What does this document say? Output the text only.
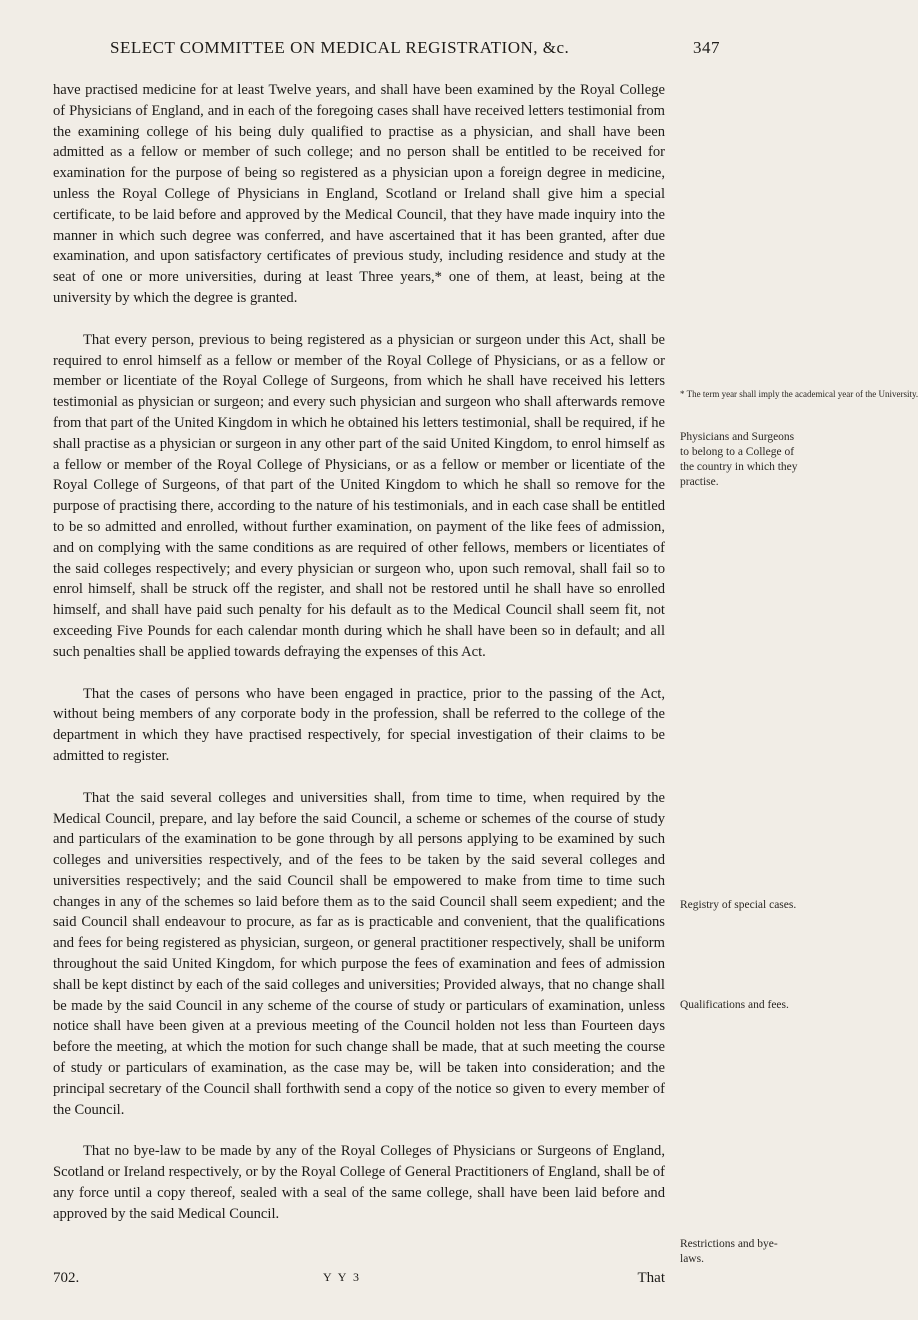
SELECT COMMITTEE ON MEDICAL REGISTRATION, &c.	347

have practised medicine for at least Twelve years, and shall have been examined by the Royal College of Physicians of England, and in each of the foregoing cases shall have received letters testimonial from the examining college of his being duly qualified to practise as a physician, and shall have been admitted as a fellow or member of such college; and no person shall be entitled to be received for examination for the purpose of being so registered as a physician upon a foreign degree in medicine, unless the Royal College of Physicians in England, Scotland or Ireland shall give him a special certificate, to be laid before and approved by the Medical Council, that they have made inquiry into the manner in which such degree was conferred, and have ascertained that it has been granted, after due examination, and upon satisfactory certificates of previous study, including residence and study at the seat of one or more universities, during at least Three years,* one of them, at least, being at the university by which the degree is granted.

That every person, previous to being registered as a physician or surgeon under this Act, shall be required to enrol himself as a fellow or member of the Royal College of Physicians, or as a fellow or member or licentiate of the Royal College of Surgeons, from which he shall have received his letters testimonial as physician or surgeon; and every such physician and surgeon who shall afterwards remove from that part of the United Kingdom in which he obtained his letters testimonial, shall be required, if he shall practise as a physician or surgeon in any other part of the said United Kingdom, to enrol himself as a fellow or member of the Royal College of Physicians, or as a fellow or member or licentiate of the Royal College of Surgeons, of that part of the United Kingdom to which he shall so remove for the purpose of practising there, according to the nature of his testimonials, and in each case shall be entitled to be so admitted and enrolled, without further examination, on payment of the like fees of admission, and on complying with the same conditions as are required of other fellows, members or licentiates of the said colleges respectively; and every physician or surgeon who, upon such removal, shall fail so to enrol himself, shall be struck off the register, and shall not be restored until he shall have so enrolled himself, and shall have paid such penalty for his default as to the Medical Council shall seem fit, not exceeding Five Pounds for each calendar month during which he shall have been so in default; and all such penalties shall be applied towards defraying the expenses of this Act.

That the cases of persons who have been engaged in practice, prior to the passing of the Act, without being members of any corporate body in the profession, shall be referred to the college of the department in which they have practised respectively, for special investigation of their claims to be admitted to register.

That the said several colleges and universities shall, from time to time, when required by the Medical Council, prepare, and lay before the said Council, a scheme or schemes of the course of study and particulars of the examination to be gone through by all persons applying to be examined by such colleges and universities respectively, and of the fees to be taken by the said several colleges and universities respectively; and the said Council shall be empowered to make from time to time such changes in any of the schemes so laid before them as to the said Council shall seem expedient; and the said Council shall endeavour to procure, as far as is practicable and convenient, that the qualifications and fees for being registered as physician, surgeon, or general practitioner respectively, shall be uniform throughout the said United Kingdom, for which purpose the fees of examination and fees of admission shall be kept distinct by each of the said colleges and universities; Provided always, that no change shall be made by the said Council in any scheme of the course of study or particulars of examination, unless notice shall have been given at a previous meeting of the Council holden not less than Fourteen days before the meeting, at which the motion for such change shall be made, that at such meeting the course of study or particulars of examination, as the case may be, will be taken into consideration; and the principal secretary of the Council shall forthwith send a copy of the notice so given to every member of the Council.

That no bye-law to be made by any of the Royal Colleges of Physicians or Surgeons of England, Scotland or Ireland respectively, or by the Royal College of General Practitioners of England, shall be of any force until a copy thereof, sealed with a seal of the same college, shall have been laid before and approved by the said Medical Council.

* The term year shall imply the academical year of the University.
Physicians and Surgeons to belong to a College of the country in which they practise.
Registry of special cases.
Qualifications and fees.
Restrictions and bye-laws.
702.	Y Y 3	That
